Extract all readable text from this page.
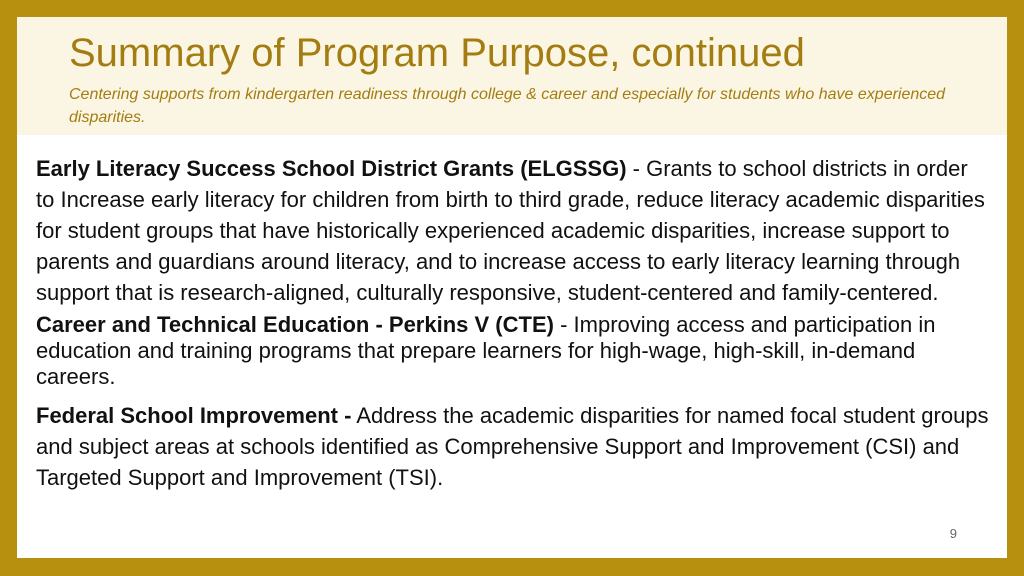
Summary of Program Purpose, continued
Centering supports from kindergarten readiness through college & career and especially for students who have experienced disparities.

Early Literacy Success School District Grants (ELGSSG) - Grants to school districts in order to Increase early literacy for children from birth to third grade, reduce literacy academic disparities for student groups that have historically experienced academic disparities, increase support to parents and guardians around literacy, and to increase access to early literacy learning through support that is research-aligned, culturally responsive, student-centered and family-centered.

Career and Technical Education - Perkins V (CTE) - Improving access and participation in education and training programs that prepare learners for high-wage, high-skill, in-demand careers.

Federal School Improvement - Address the academic disparities for named focal student groups and subject areas at schools identified as Comprehensive Support and Improvement (CSI) and Targeted Support and Improvement (TSI).

9
